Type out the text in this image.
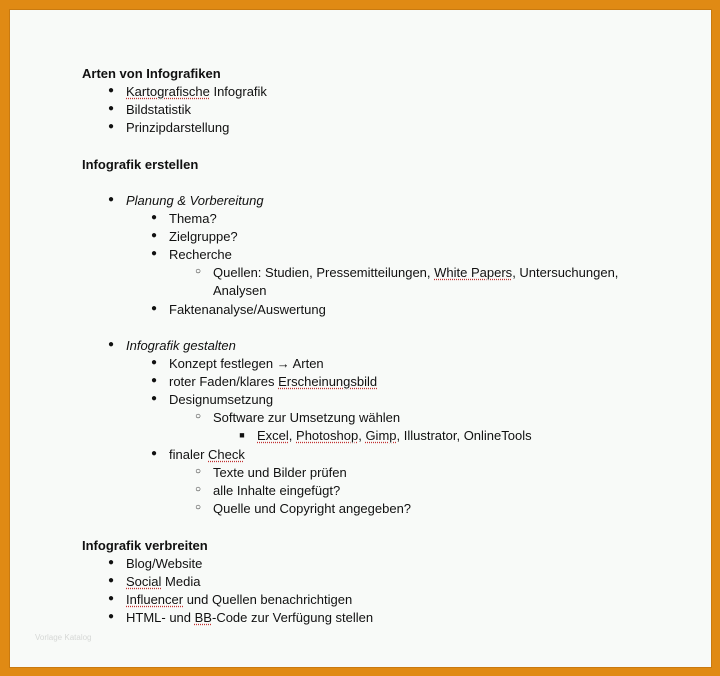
Arten von Infografiken
● Kartografische Infografik
● Bildstatistik
● Prinzipdarstellung
Infografik erstellen
● Planung & Vorbereitung
● Thema?
● Zielgruppe?
● Recherche
○ Quellen: Studien, Pressemitteilungen, White Papers, Untersuchungen,
Analysen
● Faktenanalyse/Auswertung
● Infografik gestalten
● Konzept festlegen → Arten
● roter Faden/klares Erscheinungsbild
● Designumsetzung
○ Software zur Umsetzung wählen
■ Excel, Photoshop, Gimp, Illustrator, OnlineTools
● finaler Check
○ Texte und Bilder prüfen
○ alle Inhalte eingefügt?
○ Quelle und Copyright angegeben?
Infografik verbreiten
● Blog/Website
● Social Media
● Influencer und Quellen benachrichtigen
● HTML- und BB-Code zur Verfügung stellen
Vorlage Katalog
